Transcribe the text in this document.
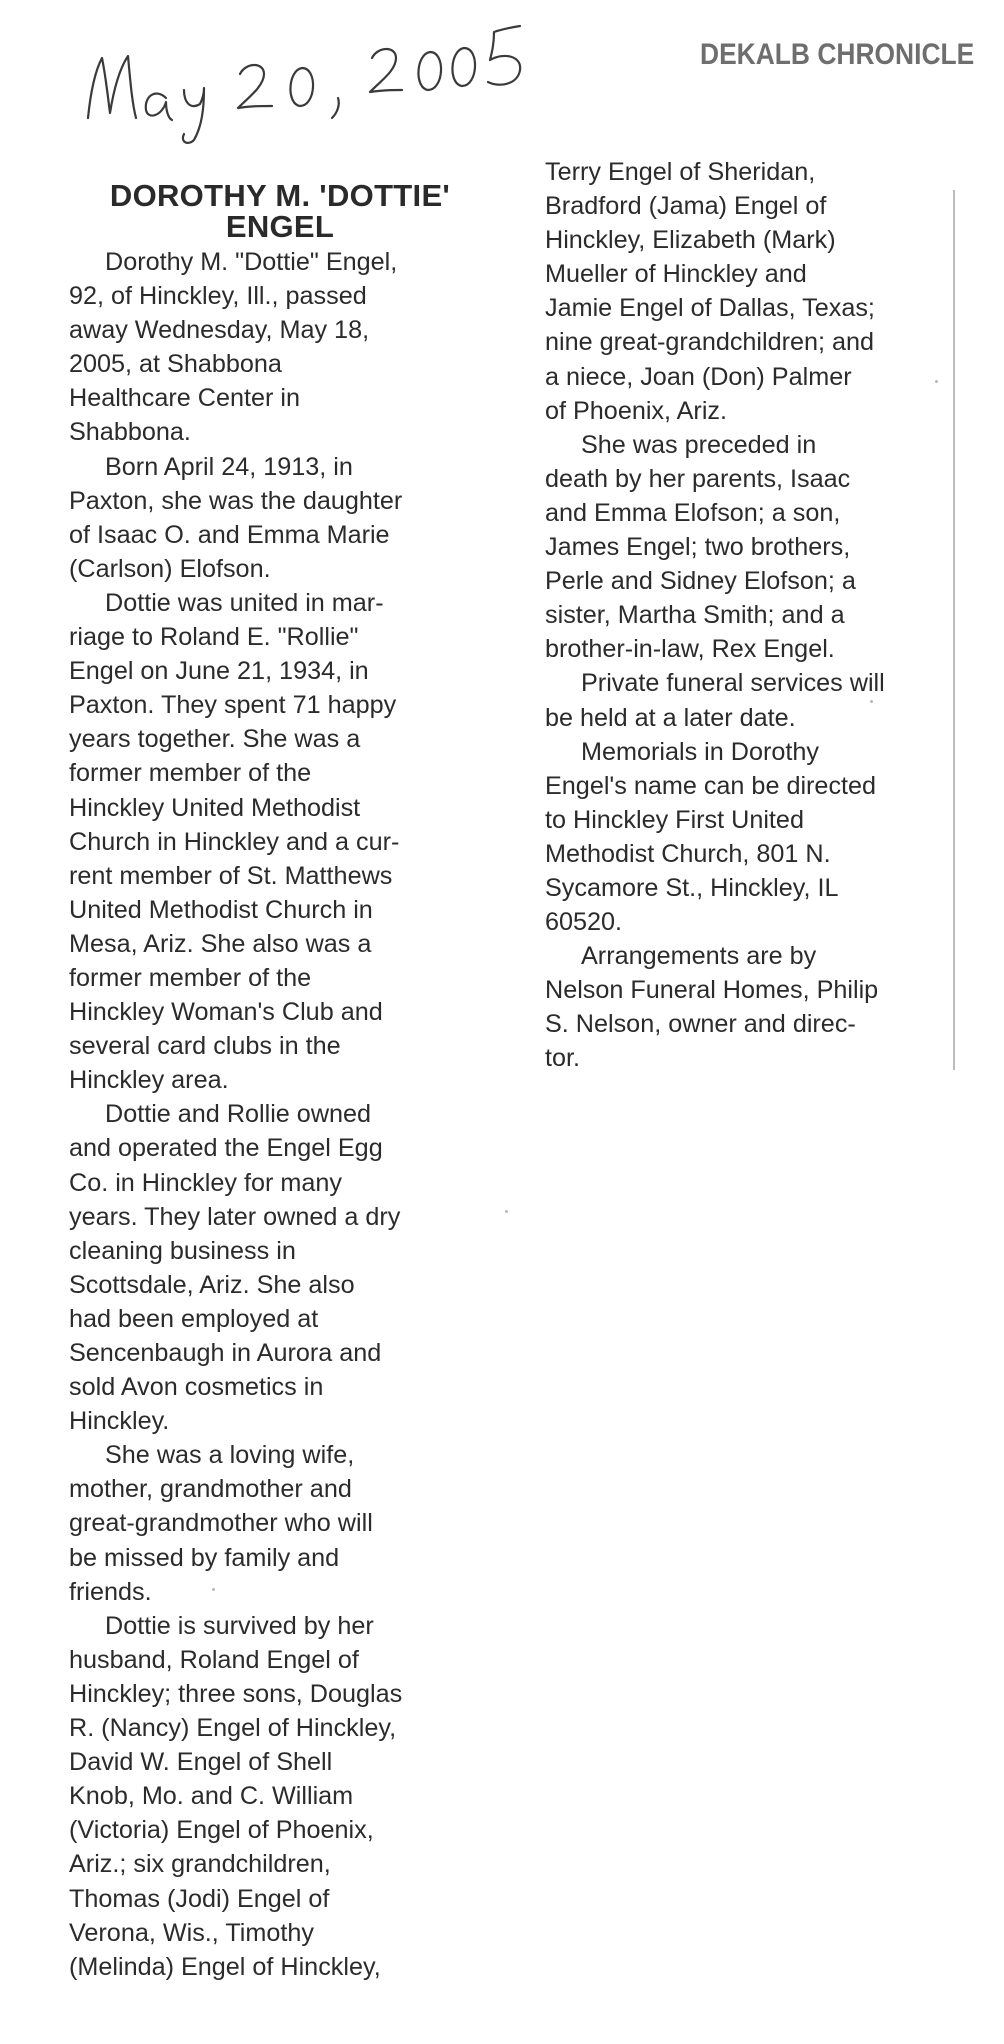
DEKALB CHRONICLE
DOROTHY M. 'DOTTIE'
ENGEL
Dorothy M. "Dottie" Engel,
92, of Hinckley, Ill., passed
away Wednesday, May 18,
2005, at Shabbona
Healthcare Center in
Shabbona.
Born April 24, 1913, in
Paxton, she was the daughter
of Isaac O. and Emma Marie
(Carlson) Elofson.
Dottie was united in mar-
riage to Roland E. "Rollie"
Engel on June 21, 1934, in
Paxton. They spent 71 happy
years together. She was a
former member of the
Hinckley United Methodist
Church in Hinckley and a cur-
rent member of St. Matthews
United Methodist Church in
Mesa, Ariz. She also was a
former member of the
Hinckley Woman's Club and
several card clubs in the
Hinckley area.
Dottie and Rollie owned
and operated the Engel Egg
Co. in Hinckley for many
years. They later owned a dry
cleaning business in
Scottsdale, Ariz. She also
had been employed at
Sencenbaugh in Aurora and
sold Avon cosmetics in
Hinckley.
She was a loving wife,
mother, grandmother and
great-grandmother who will
be missed by family and
friends.
Dottie is survived by her
husband, Roland Engel of
Hinckley; three sons, Douglas
R. (Nancy) Engel of Hinckley,
David W. Engel of Shell
Knob, Mo. and C. William
(Victoria) Engel of Phoenix,
Ariz.; six grandchildren,
Thomas (Jodi) Engel of
Verona, Wis., Timothy
(Melinda) Engel of Hinckley,
Terry Engel of Sheridan,
Bradford (Jama) Engel of
Hinckley, Elizabeth (Mark)
Mueller of Hinckley and
Jamie Engel of Dallas, Texas;
nine great-grandchildren; and
a niece, Joan (Don) Palmer
of Phoenix, Ariz.
She was preceded in
death by her parents, Isaac
and Emma Elofson; a son,
James Engel; two brothers,
Perle and Sidney Elofson; a
sister, Martha Smith; and a
brother-in-law, Rex Engel.
Private funeral services will
be held at a later date.
Memorials in Dorothy
Engel's name can be directed
to Hinckley First United
Methodist Church, 801 N.
Sycamore St., Hinckley, IL
60520.
Arrangements are by
Nelson Funeral Homes, Philip
S. Nelson, owner and direc-
tor.
